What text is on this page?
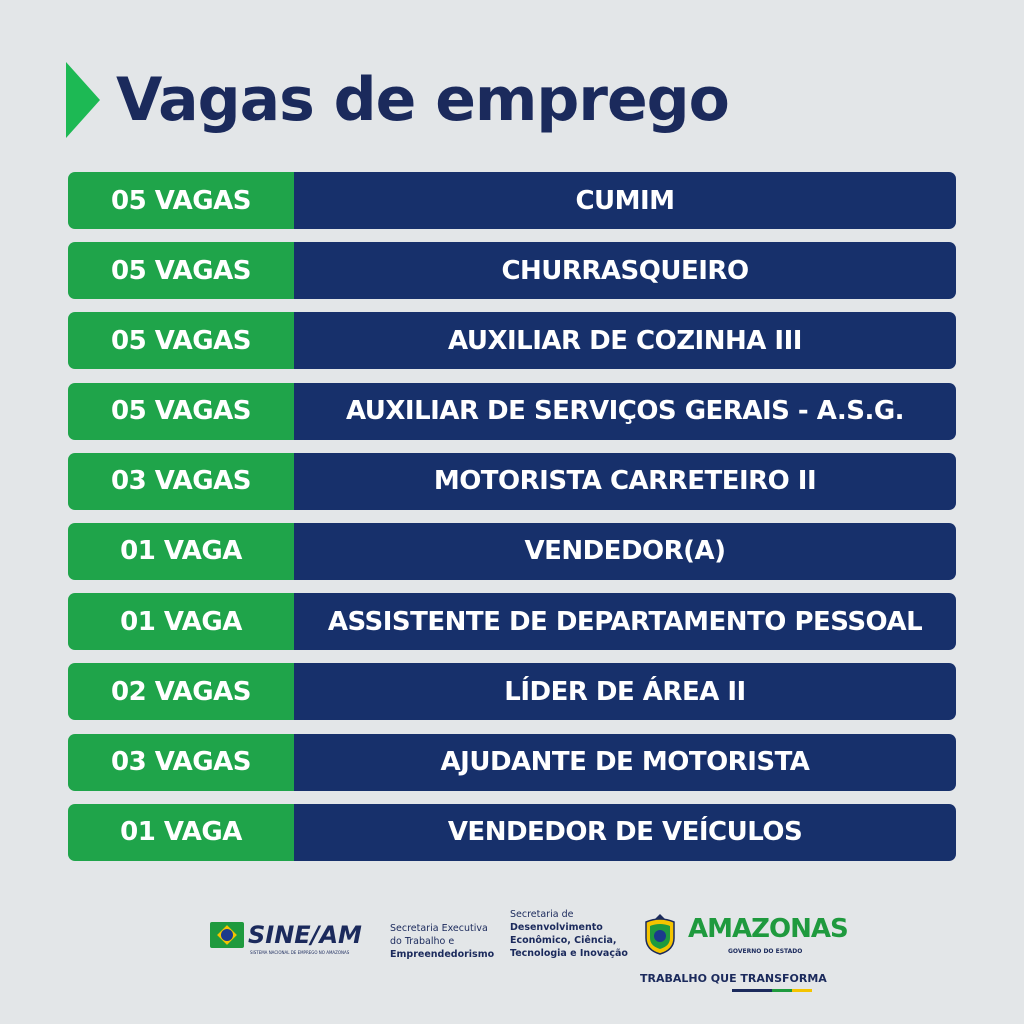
Vagas de emprego
05 VAGAS	CUMIM
05 VAGAS	CHURRASQUEIRO
05 VAGAS	AUXILIAR DE COZINHA III
05 VAGAS	AUXILIAR DE SERVIÇOS GERAIS - A.S.G.
03 VAGAS	MOTORISTA CARRETEIRO II
01 VAGA	VENDEDOR(A)
01 VAGA	ASSISTENTE DE DEPARTAMENTO PESSOAL
02 VAGAS	LÍDER DE ÁREA II
03 VAGAS	AJUDANTE DE MOTORISTA
01 VAGA	VENDEDOR DE VEÍCULOS
SINE/AM
SISTEMA NACIONAL DE EMPREGO NO AMAZONAS
Secretaria Executiva
do Trabalho e
Empreendedorismo
Secretaria de
Desenvolvimento
Econômico, Ciência,
Tecnologia e Inovação
AMAZONAS
GOVERNO DO ESTADO
TRABALHO QUE TRANSFORMA
